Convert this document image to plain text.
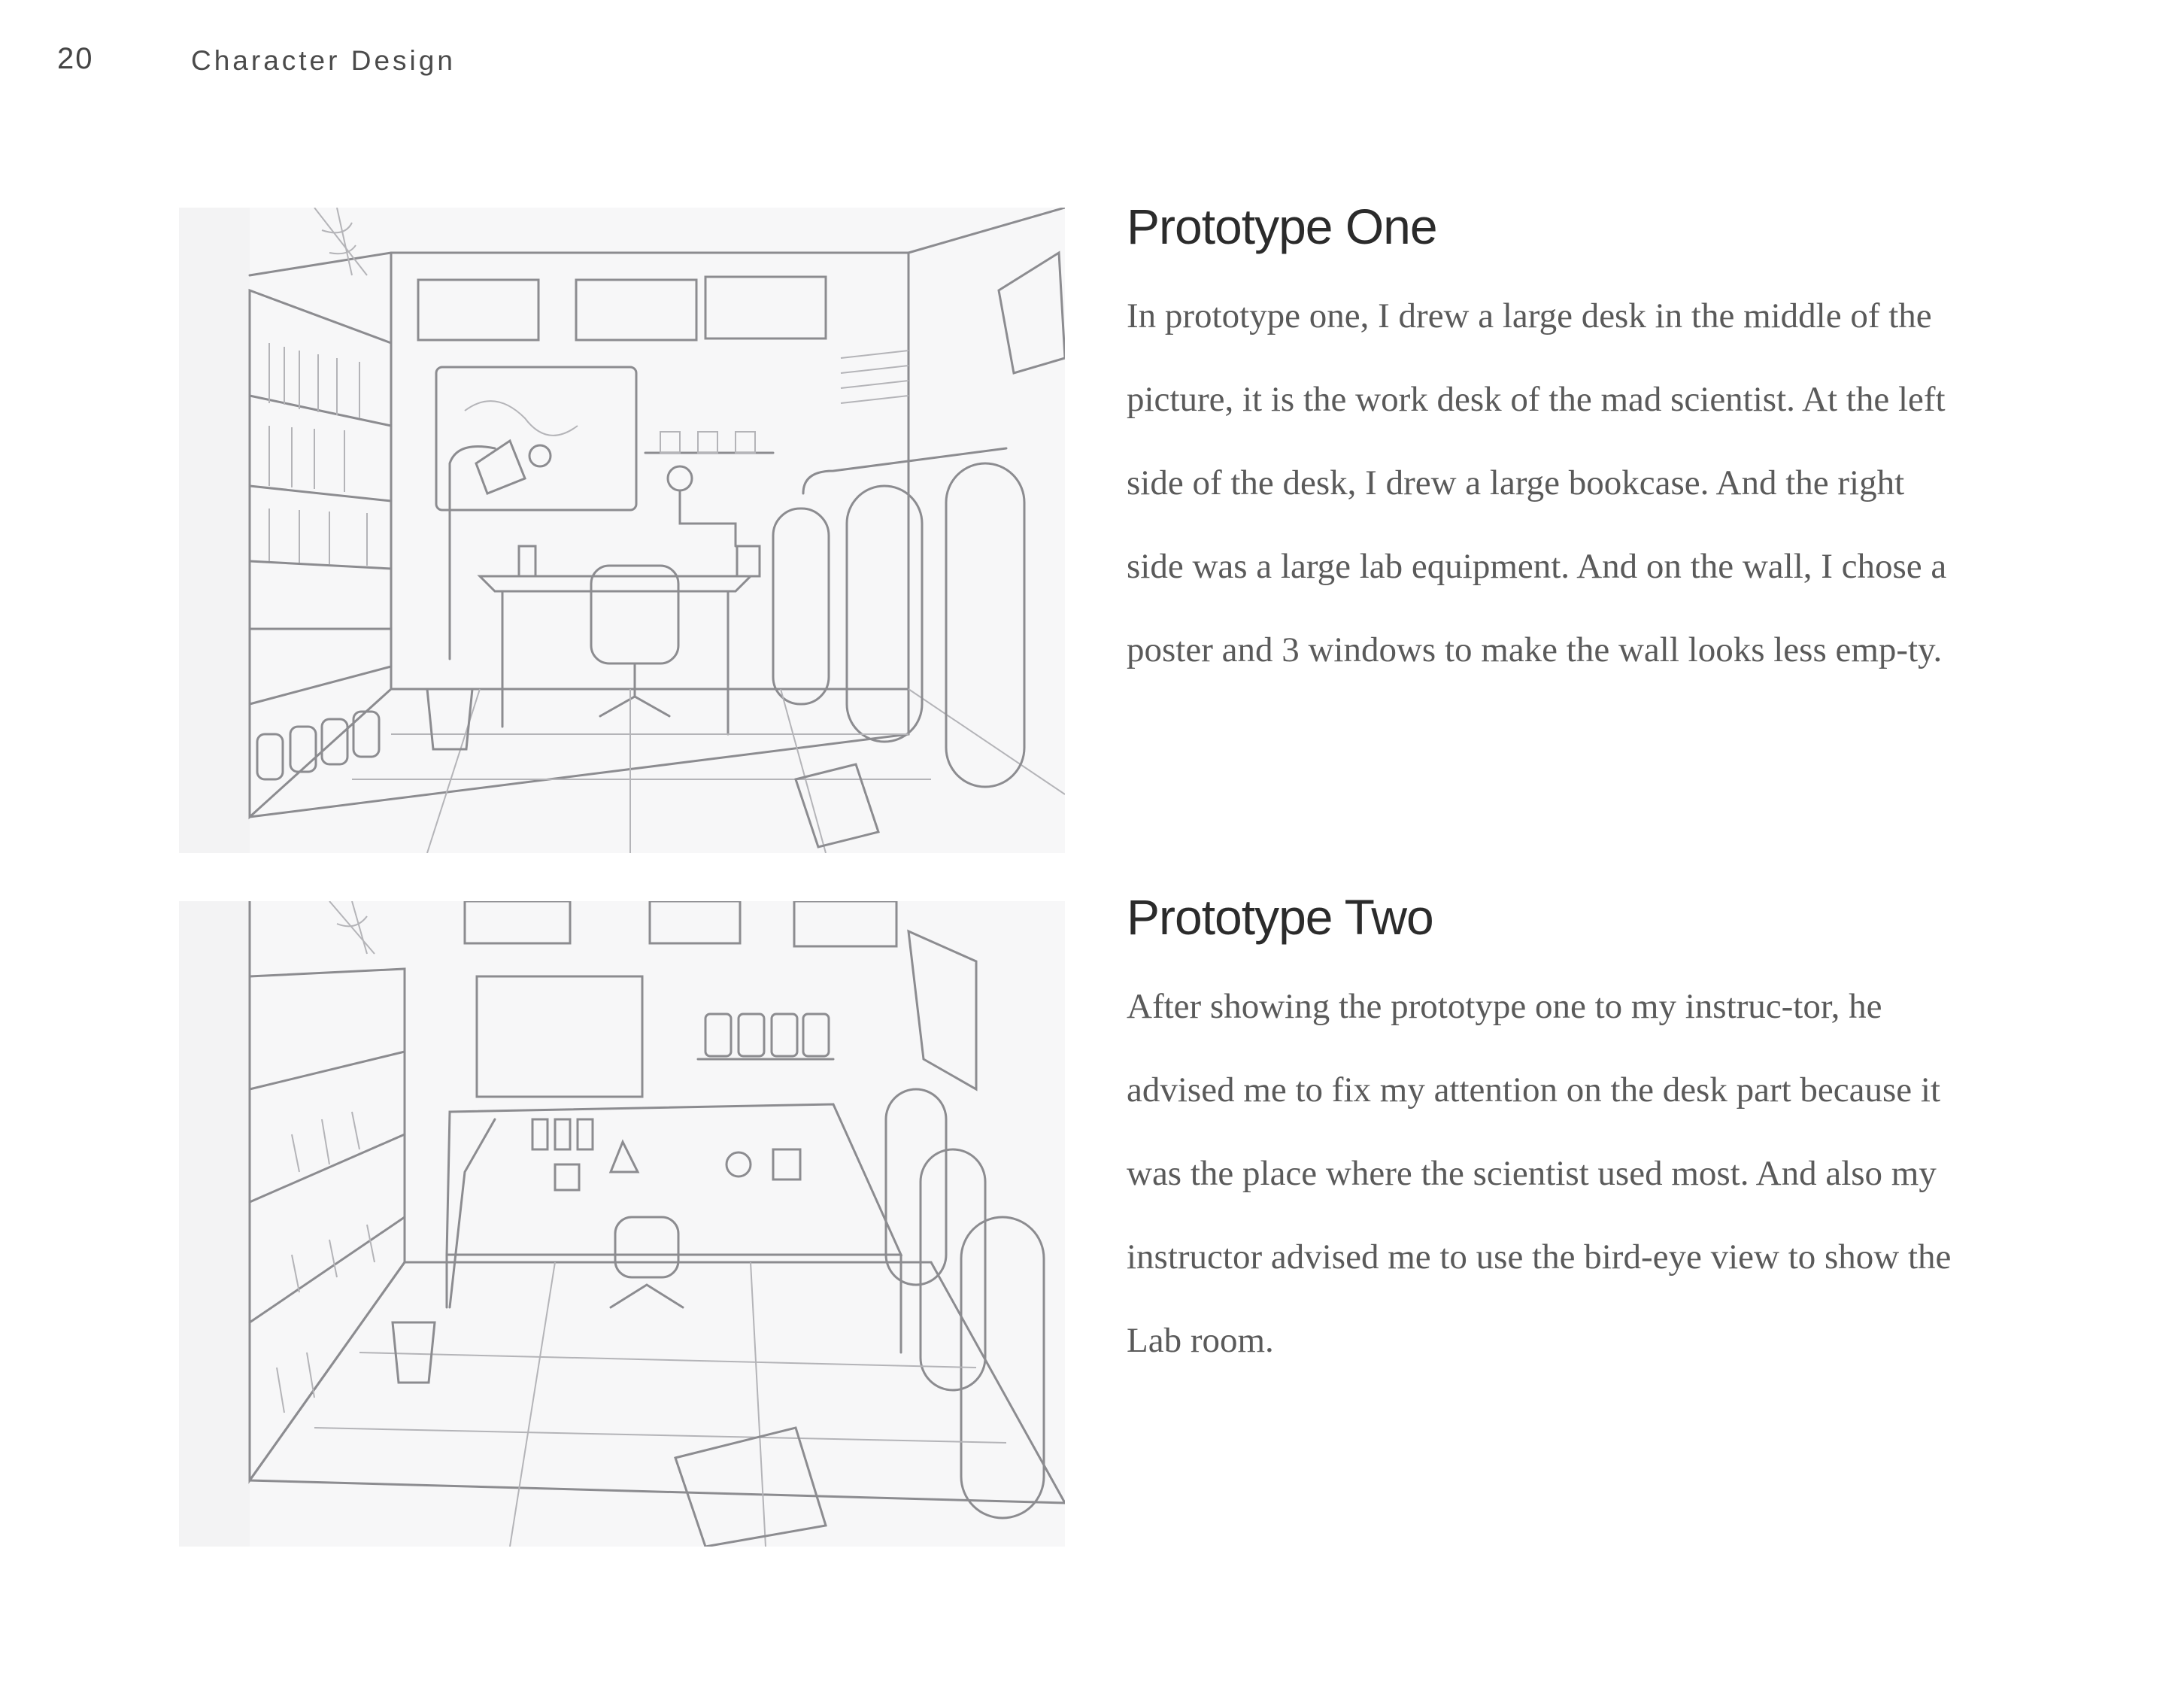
20	Character Design
Prototype One

In prototype one, I drew a large desk in the middle of the picture, it is the work desk of the mad scientist. At the left side of the desk, I drew a large bookcase. And the right side was a large lab equipment. And on the wall, I chose a poster and 3 windows to make the wall looks less emp-ty.

Prototype Two

After showing the prototype one to my instruc-tor, he advised me to fix my attention on the desk part because it was the place where the scientist used most. And also my instructor advised me to use the bird-eye view to show the Lab room.
